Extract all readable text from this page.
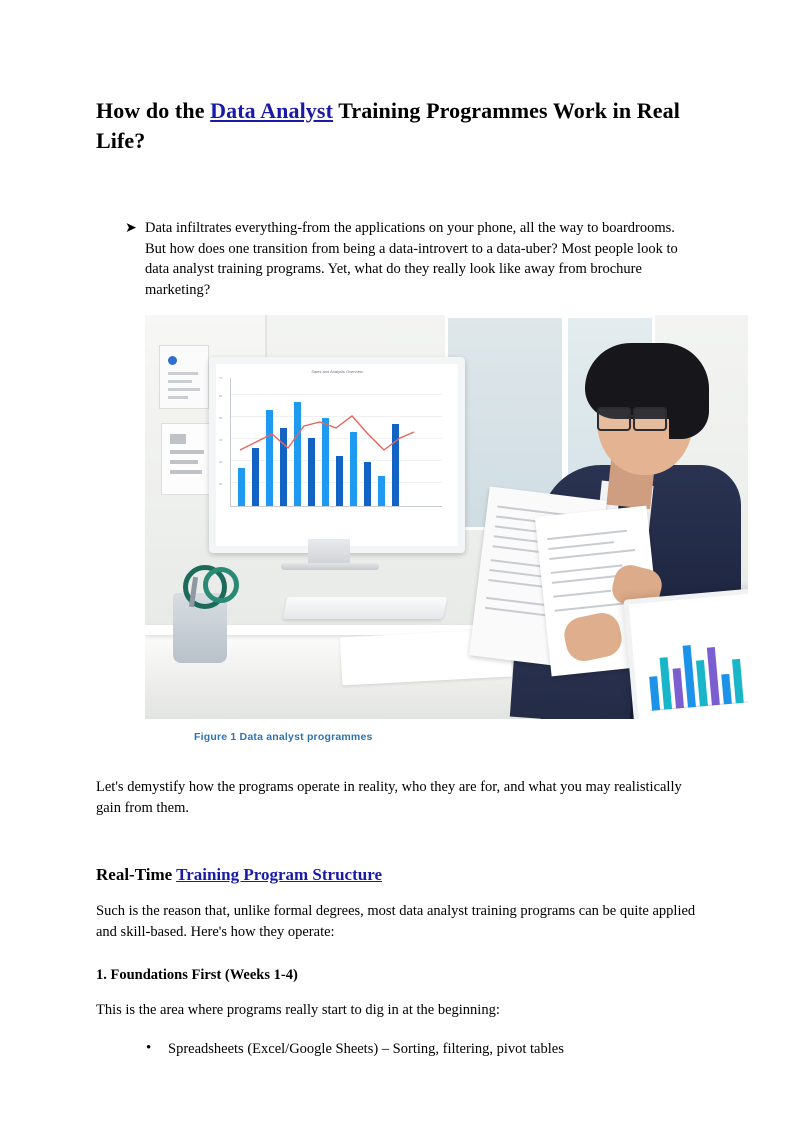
How do the Data Analyst Training Programmes Work in Real Life?
➤ Data infiltrates everything-from the applications on your phone, all the way to boardrooms. But how does one transition from being a data-introvert to a data-uber? Most people look to data analyst training programs. Yet, what do they really look like away from brochure marketing?

Sales and Analysis Overview
70
60
50
40
30
20
Figure 1 Data analyst programmes

Let's demystify how the programs operate in reality, who they are for, and what you may realistically gain from them.

Real-Time Training Program Structure

Such is the reason that, unlike formal degrees, most data analyst training programs can be quite applied and skill-based. Here's how they operate:

1. Foundations First (Weeks 1-4)

This is the area where programs really start to dig in at the beginning:

• Spreadsheets (Excel/Google Sheets) – Sorting, filtering, pivot tables
